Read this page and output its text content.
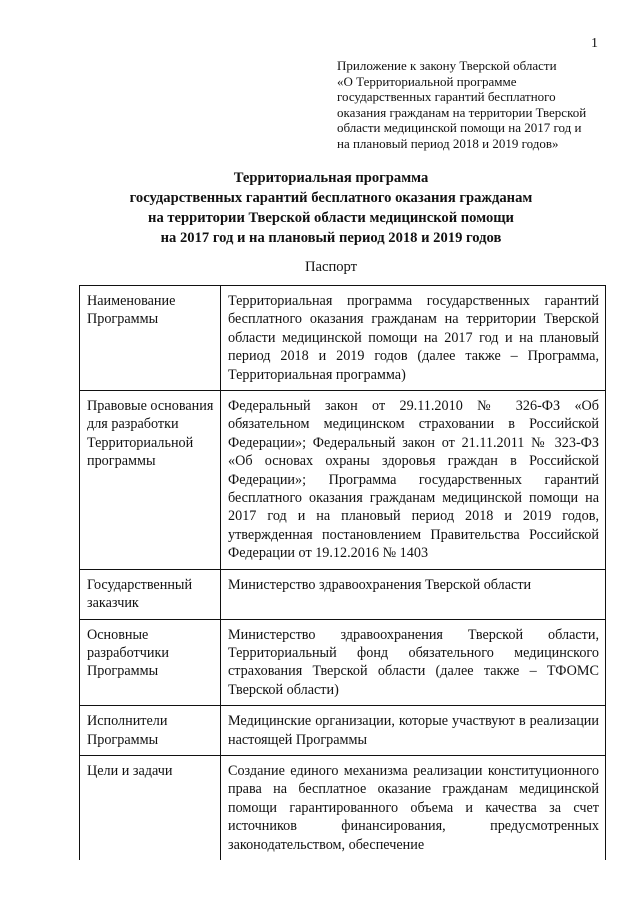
1
Приложение к закону Тверской области
«О Территориальной программе
государственных гарантий бесплатного
оказания гражданам на территории Тверской
области медицинской помощи на 2017 год и
на плановый период 2018 и 2019 годов»
Территориальная программа
государственных гарантий бесплатного оказания гражданам
на территории Тверской области медицинской помощи
на 2017 год и на плановый период 2018 и 2019 годов
Паспорт
Наименование Программы	Территориальная программа государственных гарантий бесплатного оказания гражданам на территории Тверской области медицинской помощи на 2017 год и на плановый период 2018 и 2019 годов (далее также – Программа, Территориальная программа)
Правовые основания для разработки Территориальной программы	Федеральный закон от 29.11.2010 № 326-ФЗ «Об обязательном медицинском страховании в Российской Федерации»; Федеральный закон от 21.11.2011 № 323-ФЗ «Об основах охраны здоровья граждан в Российской Федерации»; Программа государственных гарантий бесплатного оказания гражданам медицинской помощи на 2017 год и на плановый период 2018 и 2019 годов, утвержденная постановлением Правительства Российской Федерации от 19.12.2016 № 1403
Государственный заказчик	Министерство здравоохранения Тверской области
Основные разработчики Программы	Министерство здравоохранения Тверской области, Территориальный фонд обязательного медицинского страхования Тверской области (далее также – ТФОМС Тверской области)
Исполнители Программы	Медицинские организации, которые участвуют в реализации настоящей Программы
Цели и задачи	Создание единого механизма реализации конституционного права на бесплатное оказание гражданам медицинской помощи гарантированного объема и качества за счет источников финансирования, предусмотренных законодательством, обеспечение
